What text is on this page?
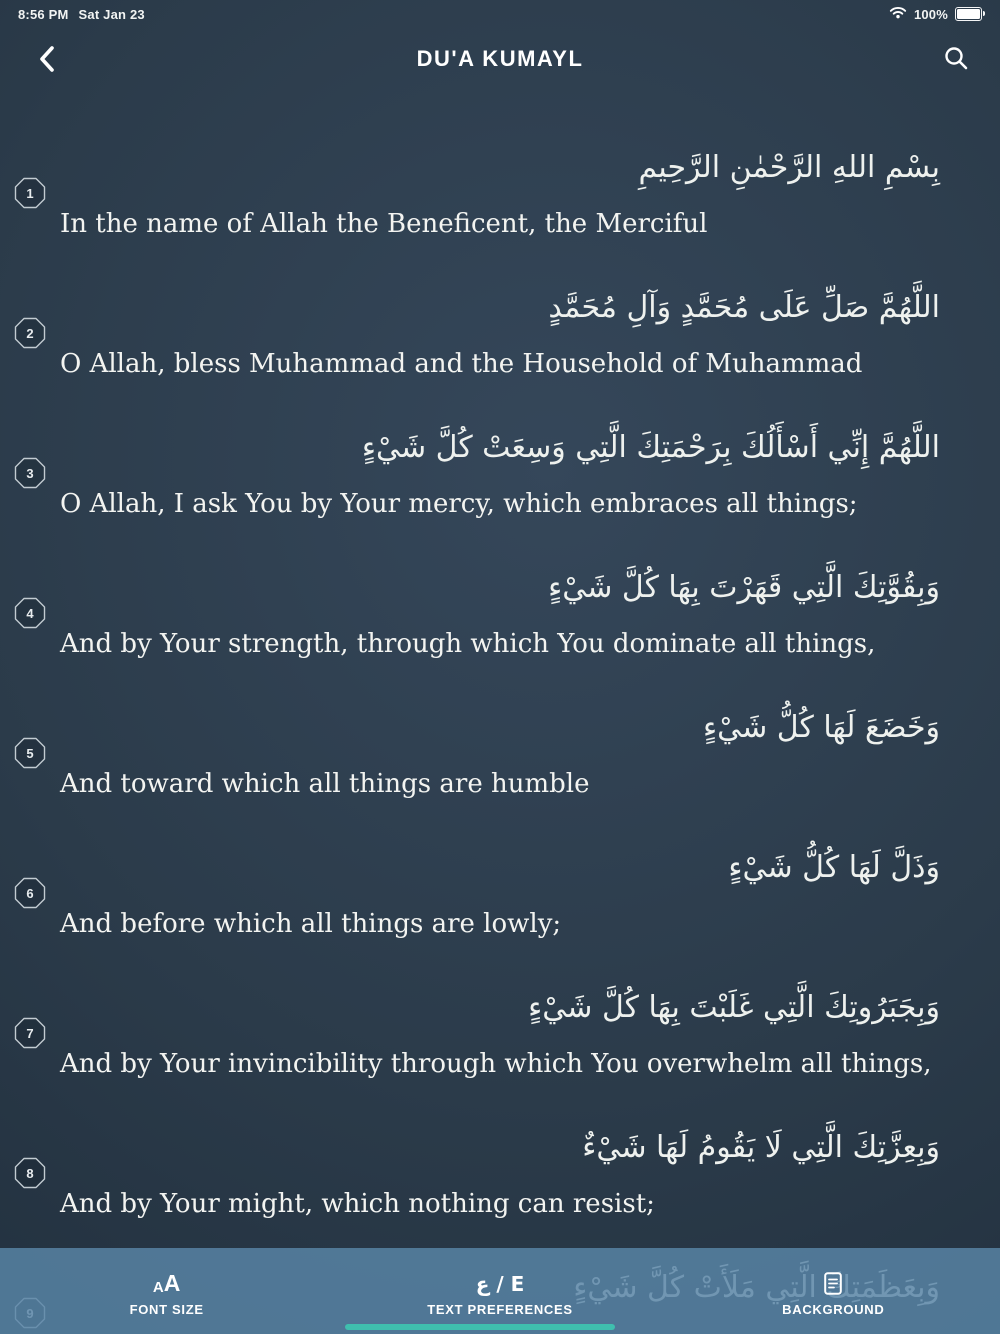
8:56 PM Sat Jan 23	100%
DU'A KUMAYL
1
بِسْمِ اللهِ الرَّحْمٰنِ الرَّحِيمِ
In the name of Allah the Beneficent, the Merciful
2
اللَّهُمَّ صَلِّ عَلَى مُحَمَّدٍ وَآلِ مُحَمَّدٍ
O Allah, bless Muhammad and the Household of Muhammad
3
اللَّهُمَّ إِنِّي أَسْأَلُكَ بِرَحْمَتِكَ الَّتِي وَسِعَتْ كُلَّ شَيْءٍ
O Allah, I ask You by Your mercy, which embraces all things;
4
وَبِقُوَّتِكَ الَّتِي قَهَرْتَ بِهَا كُلَّ شَيْءٍ
And by Your strength, through which You dominate all things,
5
وَخَضَعَ لَهَا كُلُّ شَيْءٍ
And toward which all things are humble
6
وَذَلَّ لَهَا كُلُّ شَيْءٍ
And before which all things are lowly;
7
وَبِجَبَرُوتِكَ الَّتِي غَلَبْتَ بِهَا كُلَّ شَيْءٍ
And by Your invincibility through which You overwhelm all things,
8
وَبِعِزَّتِكَ الَّتِي لَا يَقُومُ لَهَا شَيْءٌ
And by Your might, which nothing can resist;
A A
FONT SIZE
ع / E
TEXT PREFERENCES	BACKGROUND
